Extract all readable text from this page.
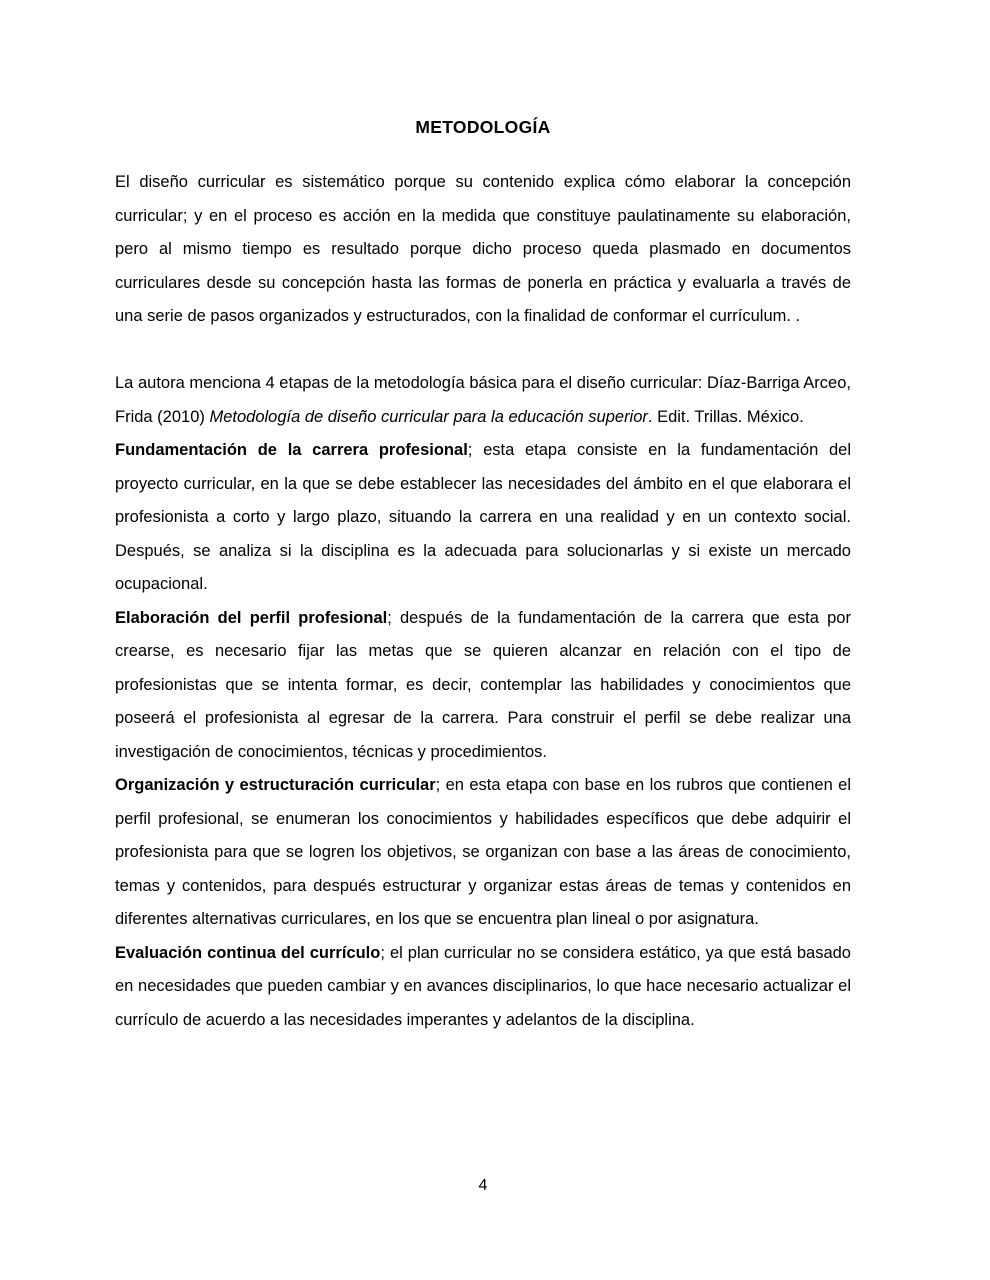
METODOLOGÍA

El diseño curricular es sistemático porque su contenido explica cómo elaborar la concepción curricular; y en el proceso es acción en la medida que constituye paulatinamente su elaboración, pero al mismo tiempo es resultado porque dicho proceso queda plasmado en documentos curriculares desde su concepción hasta las formas de ponerla en práctica y evaluarla a través de una serie de pasos organizados y estructurados, con la finalidad de conformar el currículum. .

La autora menciona 4 etapas de la metodología básica para el diseño curricular: Díaz-Barriga Arceo, Frida (2010) Metodología de diseño curricular para la educación superior. Edit. Trillas. México.

Fundamentación de la carrera profesional; esta etapa consiste en la fundamentación del proyecto curricular, en la que se debe establecer las necesidades del ámbito en el que elaborara el profesionista a corto y largo plazo, situando la carrera en una realidad y en un contexto social. Después, se analiza si la disciplina es la adecuada para solucionarlas y si existe un mercado ocupacional.

Elaboración del perfil profesional; después de la fundamentación de la carrera que esta por crearse, es necesario fijar las metas que se quieren alcanzar en relación con el tipo de profesionistas que se intenta formar, es decir, contemplar las habilidades y conocimientos que poseerá el profesionista al egresar de la carrera. Para construir el perfil se debe realizar una investigación de conocimientos, técnicas y procedimientos.

Organización y estructuración curricular; en esta etapa con base en los rubros que contienen el perfil profesional, se enumeran los conocimientos y habilidades específicos que debe adquirir el profesionista para que se logren los objetivos, se organizan con base a las áreas de conocimiento, temas y contenidos, para después estructurar y organizar estas áreas de temas y contenidos en diferentes alternativas curriculares, en los que se encuentra plan lineal o por asignatura.

Evaluación continua del currículo; el plan curricular no se considera estático, ya que está basado en necesidades que pueden cambiar y en avances disciplinarios, lo que hace necesario actualizar el currículo de acuerdo a las necesidades imperantes y adelantos de la disciplina.

4
